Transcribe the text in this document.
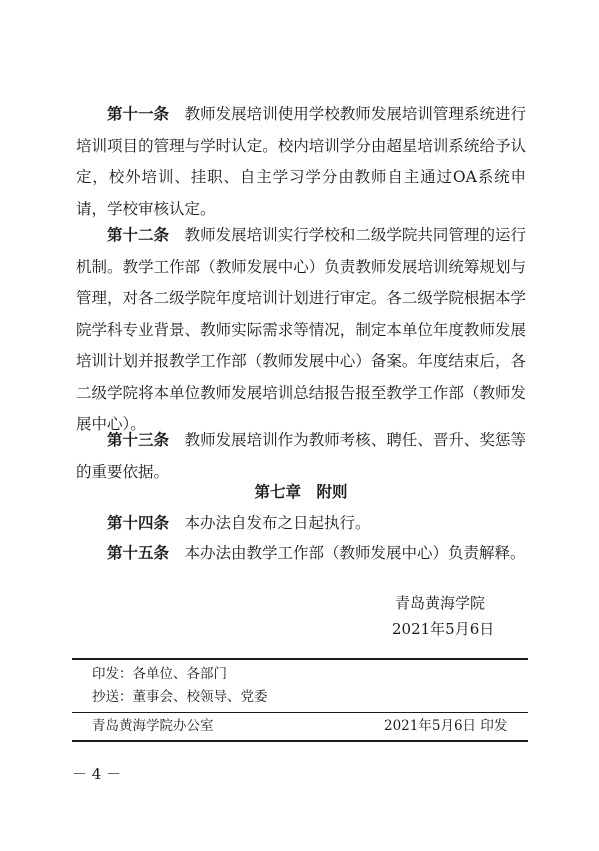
第十一条　 教师发展培训使用学校教师发展培训管理系统进行培训项目的管理与学时认定。校内培训学分由超星培训系统给予认定，校外培训、挂职、自主学习学分由教师自主通过OA系统申请，学校审核认定。

第十二条　 教师发展培训实行学校和二级学院共同管理的运行机制。教学工作部（教师发展中心）负责教师发展培训统筹规划与管理，对各二级学院年度培训计划进行审定。各二级学院根据本学院学科专业背景、教师实际需求等情况，制定本单位年度教师发展培训计划并报教学工作部（教师发展中心）备案。年度结束后，各二级学院将本单位教师发展培训总结报告报至教学工作部（教师发展中心）。

第十三条　 教师发展培训作为教师考核、聘任、晋升、奖惩等的重要依据。

第七章　附则

第十四条　 本办法自发布之日起执行。

第十五条　 本办法由教学工作部（教师发展中心）负责解释。

青岛黄海学院
2021年5月6日
印发：各单位、各部门
抄送：董事会、校领导、党委
青岛黄海学院办公室	2021年5月6日 印发
－ 4 －
